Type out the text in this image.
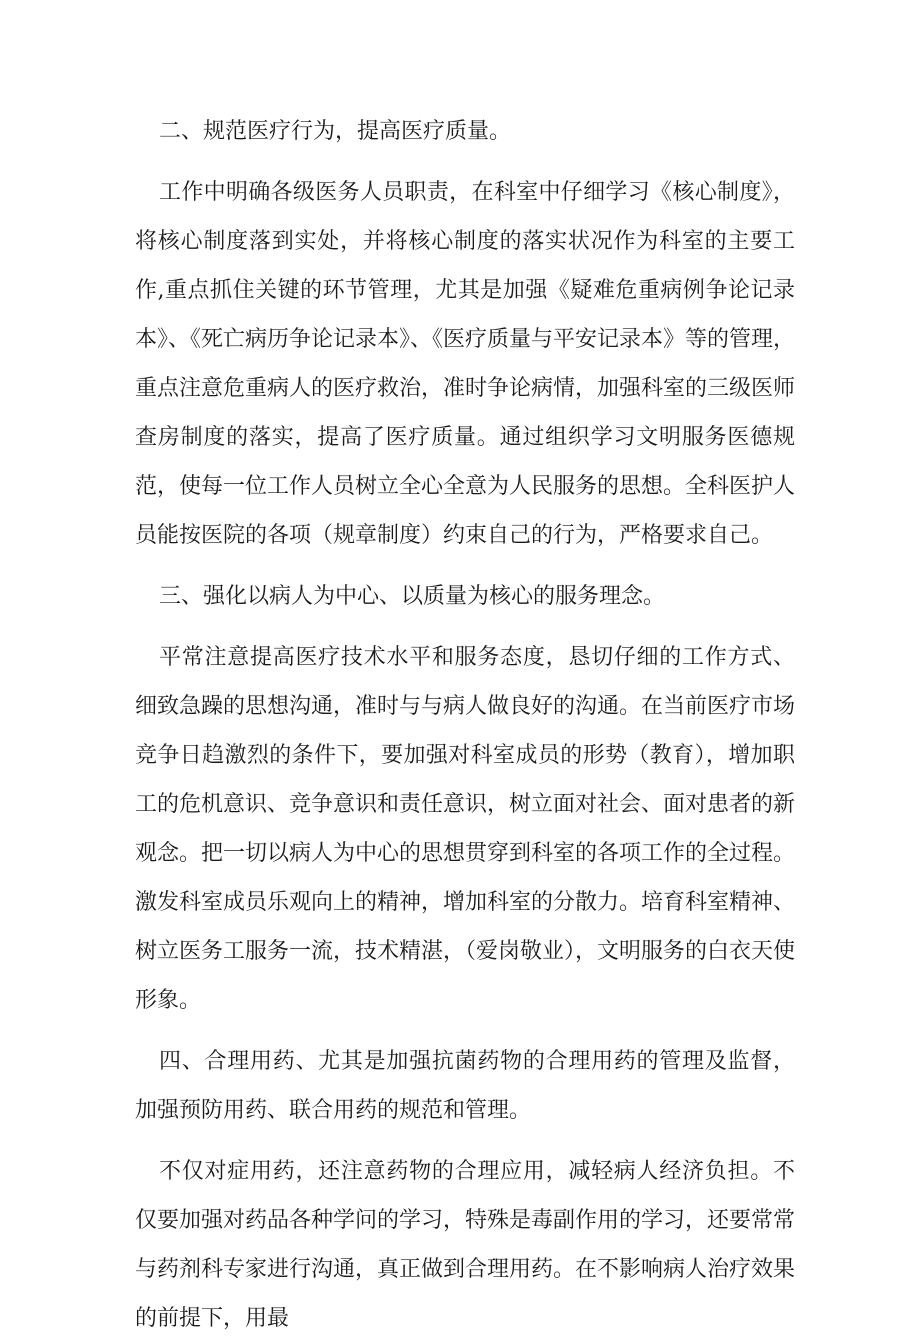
二、规范医疗行为，提高医疗质量。

工作中明确各级医务人员职责，在科室中仔细学习《核心制度》，将核心制度落到实处，并将核心制度的落实状况作为科室的主要工作,重点抓住关键的环节管理，尤其是加强《疑难危重病例争论记录本》、《死亡病历争论记录本》、《医疗质量与平安记录本》等的管理，重点注意危重病人的医疗救治，准时争论病情，加强科室的三级医师查房制度的落实，提高了医疗质量。通过组织学习文明服务医德规范，使每一位工作人员树立全心全意为人民服务的思想。全科医护人员能按医院的各项（规章制度）约束自己的行为，严格要求自己。

三、强化以病人为中心、以质量为核心的服务理念。

平常注意提高医疗技术水平和服务态度，恳切仔细的工作方式、细致急躁的思想沟通，准时与与病人做良好的沟通。在当前医疗市场竞争日趋激烈的条件下，要加强对科室成员的形势（教育），增加职工的危机意识、竞争意识和责任意识，树立面对社会、面对患者的新观念。把一切以病人为中心的思想贯穿到科室的各项工作的全过程。激发科室成员乐观向上的精神，增加科室的分散力。培育科室精神、树立医务工服务一流，技术精湛，（爱岗敬业），文明服务的白衣天使形象。

四、合理用药、尤其是加强抗菌药物的合理用药的管理及监督，加强预防用药、联合用药的规范和管理。

不仅对症用药，还注意药物的合理应用，减轻病人经济负担。不仅要加强对药品各种学问的学习，特殊是毒副作用的学习，还要常常与药剂科专家进行沟通，真正做到合理用药。在不影响病人治疗效果的前提下，用最
